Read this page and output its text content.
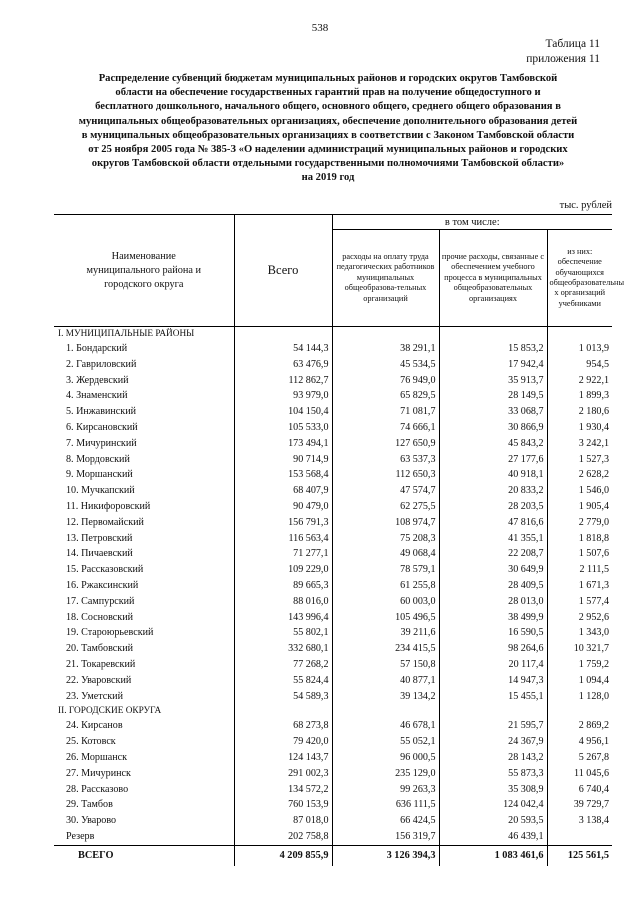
538
Таблица 11
приложения 11
Распределение субвенций бюджетам муниципальных районов и городских округов Тамбовской
области на обеспечение государственных гарантий прав на получение общедоступного и
бесплатного дошкольного, начального общего, основного общего, среднего общего образования в
муниципальных общеобразовательных организациях, обеспечение дополнительного образования детей
в муниципальных общеобразовательных организациях в соответствии с Законом Тамбовской области
от 25 ноября 2005 года № 385-З «О наделении администраций муниципальных районов и городских
округов Тамбовской области отдельными государственными полномочиями Тамбовской области»
на 2019 год
тыс. рублей
Наименование муниципального района и городского округа	Всего	в том числе:		
		расходы на оплату труда педагогических работников муниципальных общеобразова-тельных организаций	прочие расходы, связанные с обеспечением учебного процесса в муниципальных общеобразовательных организациях	из них: обеспечение обучающихся общеобразовательны х организаций учебниками
I. МУНИЦИПАЛЬНЫЕ РАЙОНЫ				
1. Бондарский	54 144,3	38 291,1	15 853,2	1 013,9
2. Гавриловский	63 476,9	45 534,5	17 942,4	954,5
3. Жердевский	112 862,7	76 949,0	35 913,7	2 922,1
4. Знаменский	93 979,0	65 829,5	28 149,5	1 899,3
5. Инжавинский	104 150,4	71 081,7	33 068,7	2 180,6
6. Кирсановский	105 533,0	74 666,1	30 866,9	1 930,4
7. Мичуринский	173 494,1	127 650,9	45 843,2	3 242,1
8. Мордовский	90 714,9	63 537,3	27 177,6	1 527,3
9. Моршанский	153 568,4	112 650,3	40 918,1	2 628,2
10. Мучкапский	68 407,9	47 574,7	20 833,2	1 546,0
11. Никифоровский	90 479,0	62 275,5	28 203,5	1 905,4
12. Первомайский	156 791,3	108 974,7	47 816,6	2 779,0
13. Петровский	116 563,4	75 208,3	41 355,1	1 818,8
14. Пичаевский	71 277,1	49 068,4	22 208,7	1 507,6
15. Рассказовский	109 229,0	78 579,1	30 649,9	2 111,5
16. Ржаксинский	89 665,3	61 255,8	28 409,5	1 671,3
17. Сампурский	88 016,0	60 003,0	28 013,0	1 577,4
18. Сосновский	143 996,4	105 496,5	38 499,9	2 952,6
19. Староюрьевский	55 802,1	39 211,6	16 590,5	1 343,0
20. Тамбовский	332 680,1	234 415,5	98 264,6	10 321,7
21. Токаревский	77 268,2	57 150,8	20 117,4	1 759,2
22. Уваровский	55 824,4	40 877,1	14 947,3	1 094,4
23. Уметский	54 589,3	39 134,2	15 455,1	1 128,0
II. ГОРОДСКИЕ ОКРУГА				
24. Кирсанов	68 273,8	46 678,1	21 595,7	2 869,2
25. Котовск	79 420,0	55 052,1	24 367,9	4 956,1
26. Моршанск	124 143,7	96 000,5	28 143,2	5 267,8
27. Мичуринск	291 002,3	235 129,0	55 873,3	11 045,6
28. Рассказово	134 572,2	99 263,3	35 308,9	6 740,4
29. Тамбов	760 153,9	636 111,5	124 042,4	39 729,7
30. Уварово	87 018,0	66 424,5	20 593,5	3 138,4
Резерв	202 758,8	156 319,7	46 439,1	
ВСЕГО	4 209 855,9	3 126 394,3	1 083 461,6	125 561,5
